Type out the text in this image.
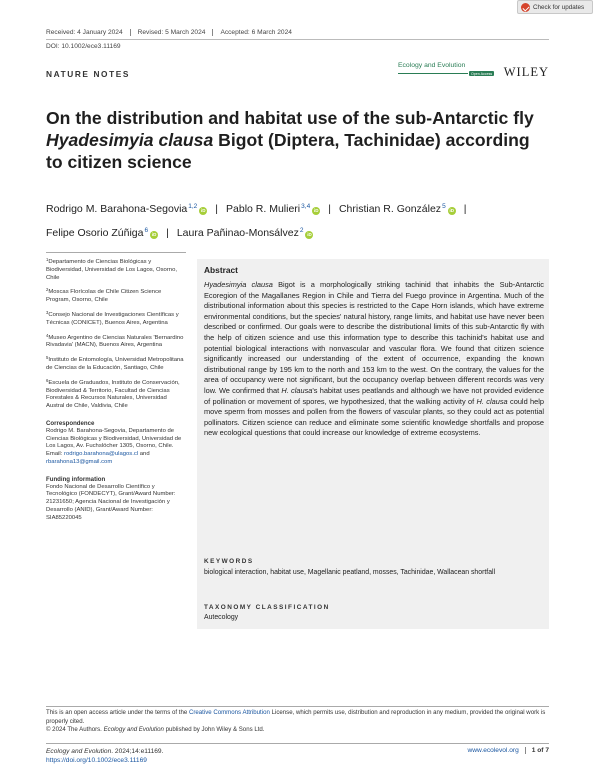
Check for updates
Received: 4 January 2024	Revised: 5 March 2024	Accepted: 6 March 2024
DOI: 10.1002/ece3.11169
NATURE NOTES
Ecology and Evolution
Open Access WILEY
On the distribution and habitat use of the sub-Antarctic fly
Hyadesimyia clausa Bigot (Diptera, Tachinidae) according to citizen science
Rodrigo M. Barahona-Segovia$^{1,2}$iD | Pablo R. Mulieri$^{3,4}$iD | Christian R. González$^5$iD |
Felipe Osorio Zúñiga$^6$iD | Laura Pañinao-Monsálvez$^2$iD

$^1$Departamento de Ciencias Biológicas y Biodiversidad, Universidad de Los Lagos, Osorno, Chile

$^2$Moscas Florícolas de Chile Citizen Science Program, Osorno, Chile

$^3$Consejo Nacional de Investigaciones Científicas y Técnicas (CONICET), Buenos Aires, Argentina

$^4$Museo Argentino de Ciencias Naturales 'Bernardino Rivadavia' (MACN), Buenos Aires, Argentina

$^5$Instituto de Entomología, Universidad Metropolitana de Ciencias de la Educación, Santiago, Chile

$^6$Escuela de Graduados, Instituto de Conservación, Biodiversidad & Territorio, Facultad de Ciencias Forestales & Recursos Naturales, Universidad Austral de Chile, Valdivia, Chile

Correspondence

Rodrigo M. Barahona-Segovia, Departamento de Ciencias Biológicas y Biodiversidad, Universidad de Los Lagos, Av. Fuchslöcher 1305, Osorno, Chile. Email: rodrigo.barahona@ulagos.cl and rbarahona13@gmail.com

Funding information

Fondo Nacional de Desarrollo Científico y Tecnológico (FONDECYT), Grant/Award Number: 21231650; Agencia Nacional de Investigación y Desarrollo (ANID), Grant/Award Number: SIA85220045

Abstract

Hyadesimyia clausa Bigot is a morphologically striking tachinid that inhabits the Sub-Antarctic Ecoregion of the Magallanes Region in Chile and Tierra del Fuego province in Argentina. Much of the distributional information about this species is restricted to the Cape Horn islands, which have extreme environmental conditions, but the species' natural history, range limits, and habitat use have never been described or confirmed. Our goals were to describe the distributional limits of this sub-Antarctic fly with the help of citizen science and use this information type to describe this tachinid's habitat use and potential biological interactions with nonvascular and vascular flora. We found that citizen science significantly increased our understanding of the extent of occurrence, expanding the known distributional range by 195 km to the north and 153 km to the west. On the contrary, the values for the area of occupancy were not significant, but the occupancy overlap between different records was very low. We confirmed that H. clausa's habitat uses peatlands and although we have not provided evidence of pollination or movement of spores, we hypothesized, that the walking activity of H. clausa could help move sperm from mosses and pollen from the flowers of vascular plants, so they could act as potential pollinators. Citizen science can reduce and eliminate some scientific knowledge shortfalls and propose new ecological questions that could increase our knowledge of extreme ecosystems.

KEYWORDS
biological interaction, habitat use, Magellanic peatland, mosses, Tachinidae, Wallacean shortfall
TAXONOMY CLASSIFICATION
Autecology
This is an open access article under the terms of the Creative Commons Attribution License, which permits use, distribution and reproduction in any medium, provided the original work is properly cited.
© 2024 The Authors. Ecology and Evolution published by John Wiley & Sons Ltd.
Ecology and Evolution. 2024;14:e11169.
https://doi.org/10.1002/ece3.11169
www.ecolevol.org	1 of 7
